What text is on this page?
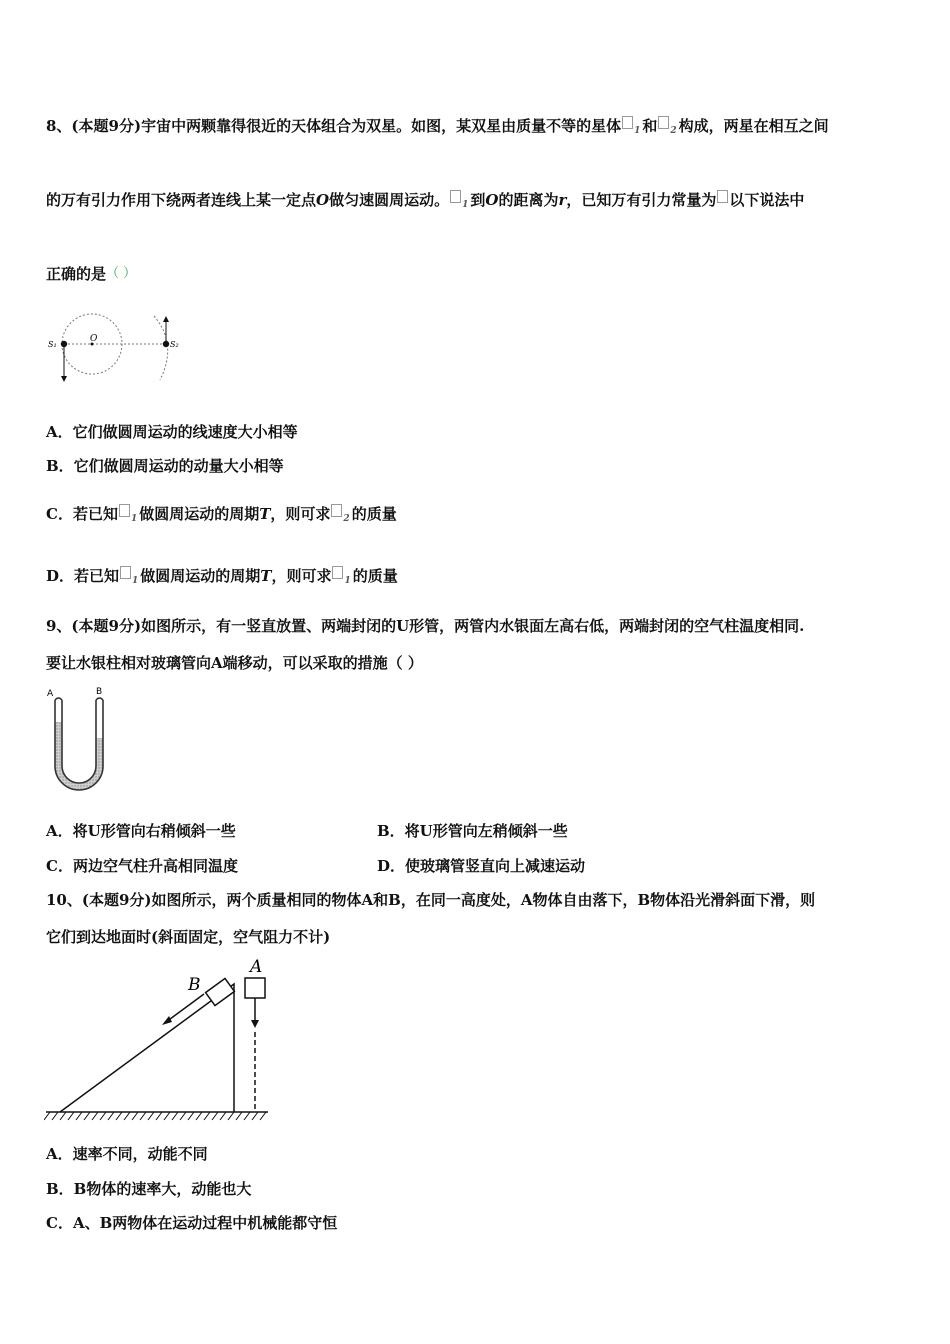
8、(本题9分)宇宙中两颗靠得很近的天体组合为双星。如图，某双星由质量不等的星体 $_1$ 和 $_2$ 构成，两星在相互之间
的万有引力作用下绕两者连线上某一定点O做匀速圆周运动。 $_1$ 到O的距离为r，已知万有引力常量为 以下说法中
正确的是（ ）
S₁
O
S₂
A．它们做圆周运动的线速度大小相等
B．它们做圆周运动的动量大小相等
C．若已知 $_1$ 做圆周运动的周期T，则可求 $_2$ 的质量
D．若已知 $_1$ 做圆周运动的周期T，则可求 $_1$ 的质量
9、(本题9分)如图所示，有一竖直放置、两端封闭的U形管，两管内水银面左高右低，两端封闭的空气柱温度相同.
要让水银柱相对玻璃管向A端移动，可以采取的措施（ ）
A	B
A．将U形管向右稍倾斜一些	B．将U形管向左稍倾斜一些
C．两边空气柱升高相同温度	D．使玻璃管竖直向上减速运动
10、(本题9分)如图所示，两个质量相同的物体A和B，在同一高度处，A物体自由落下，B物体沿光滑斜面下滑，则
它们到达地面时(斜面固定，空气阻力不计)
B
A
A．速率不同，动能不同
B．B物体的速率大，动能也大
C．A、B两物体在运动过程中机械能都守恒
